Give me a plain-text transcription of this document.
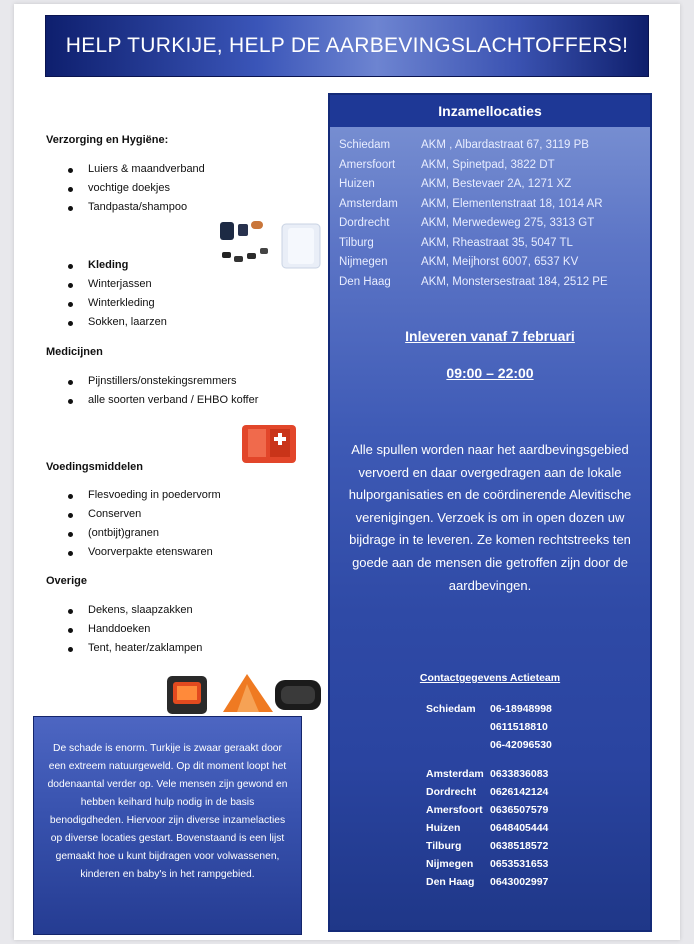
HELP TURKIJE, HELP DE AARBEVINGSLACHTOFFERS!
Verzorging en Hygiëne:
Luiers & maandverband
vochtige doekjes
Tandpasta/shampoo
Kleding
Winterjassen
Winterkleding
Sokken, laarzen
Medicijnen
Pijnstillers/onstekingsremmers
alle soorten verband / EHBO koffer
Voedingsmiddelen
Flesvoeding in poedervorm
Conserven
(ontbijt)granen
Voorverpakte etenswaren
Overige
Dekens, slaapzakken
Handdoeken
Tent, heater/zaklampen

De schade is enorm. Turkije is zwaar geraakt door een extreem natuurgeweld. Op dit moment loopt het dodenaantal verder op. Vele mensen zijn gewond en hebben keihard hulp nodig in de basis benodigdheden. Hiervoor zijn diverse inzamelacties op diverse locaties gestart. Bovenstaand is een lijst gemaakt hoe u kunt bijdragen voor volwassenen, kinderen en baby's in het rampgebied.

Inzamellocaties
Schiedam	AKM , Albardastraat 67, 3119 PB
Amersfoort AKM, Spinetpad, 3822 DT
Huizen	AKM, Bestevaer 2A, 1271 XZ
Amsterdam AKM, Elementenstraat 18, 1014 AR
Dordrecht	AKM, Merwedeweg 275, 3313 GT
Tilburg	AKM, Rheastraat 35, 5047 TL
Nijmegen	AKM, Meijhorst 6007, 6537 KV
Den Haag	AKM, Monstersestraat 184, 2512 PE
Inleveren vanaf 7 februari
09:00 – 22:00
Alle spullen worden naar het aardbevingsgebied vervoerd en daar overgedragen aan de lokale hulporganisaties en de coördinerende Alevitische verenigingen. Verzoek is om in open dozen uw bijdrage in te leveren. Ze komen rechtstreeks ten goede aan de mensen die getroffen zijn door de aardbevingen.
Contactgegevens Actieteam
Schiedam 06-18948998
0611518810
06-42096530
Amsterdam 0633836083
Dordrecht 0626142124
Amersfoort 0636507579
Huizen	0648405444
Tilburg	0638518572
Nijmegen 0653531653
Den Haag 0643002997
